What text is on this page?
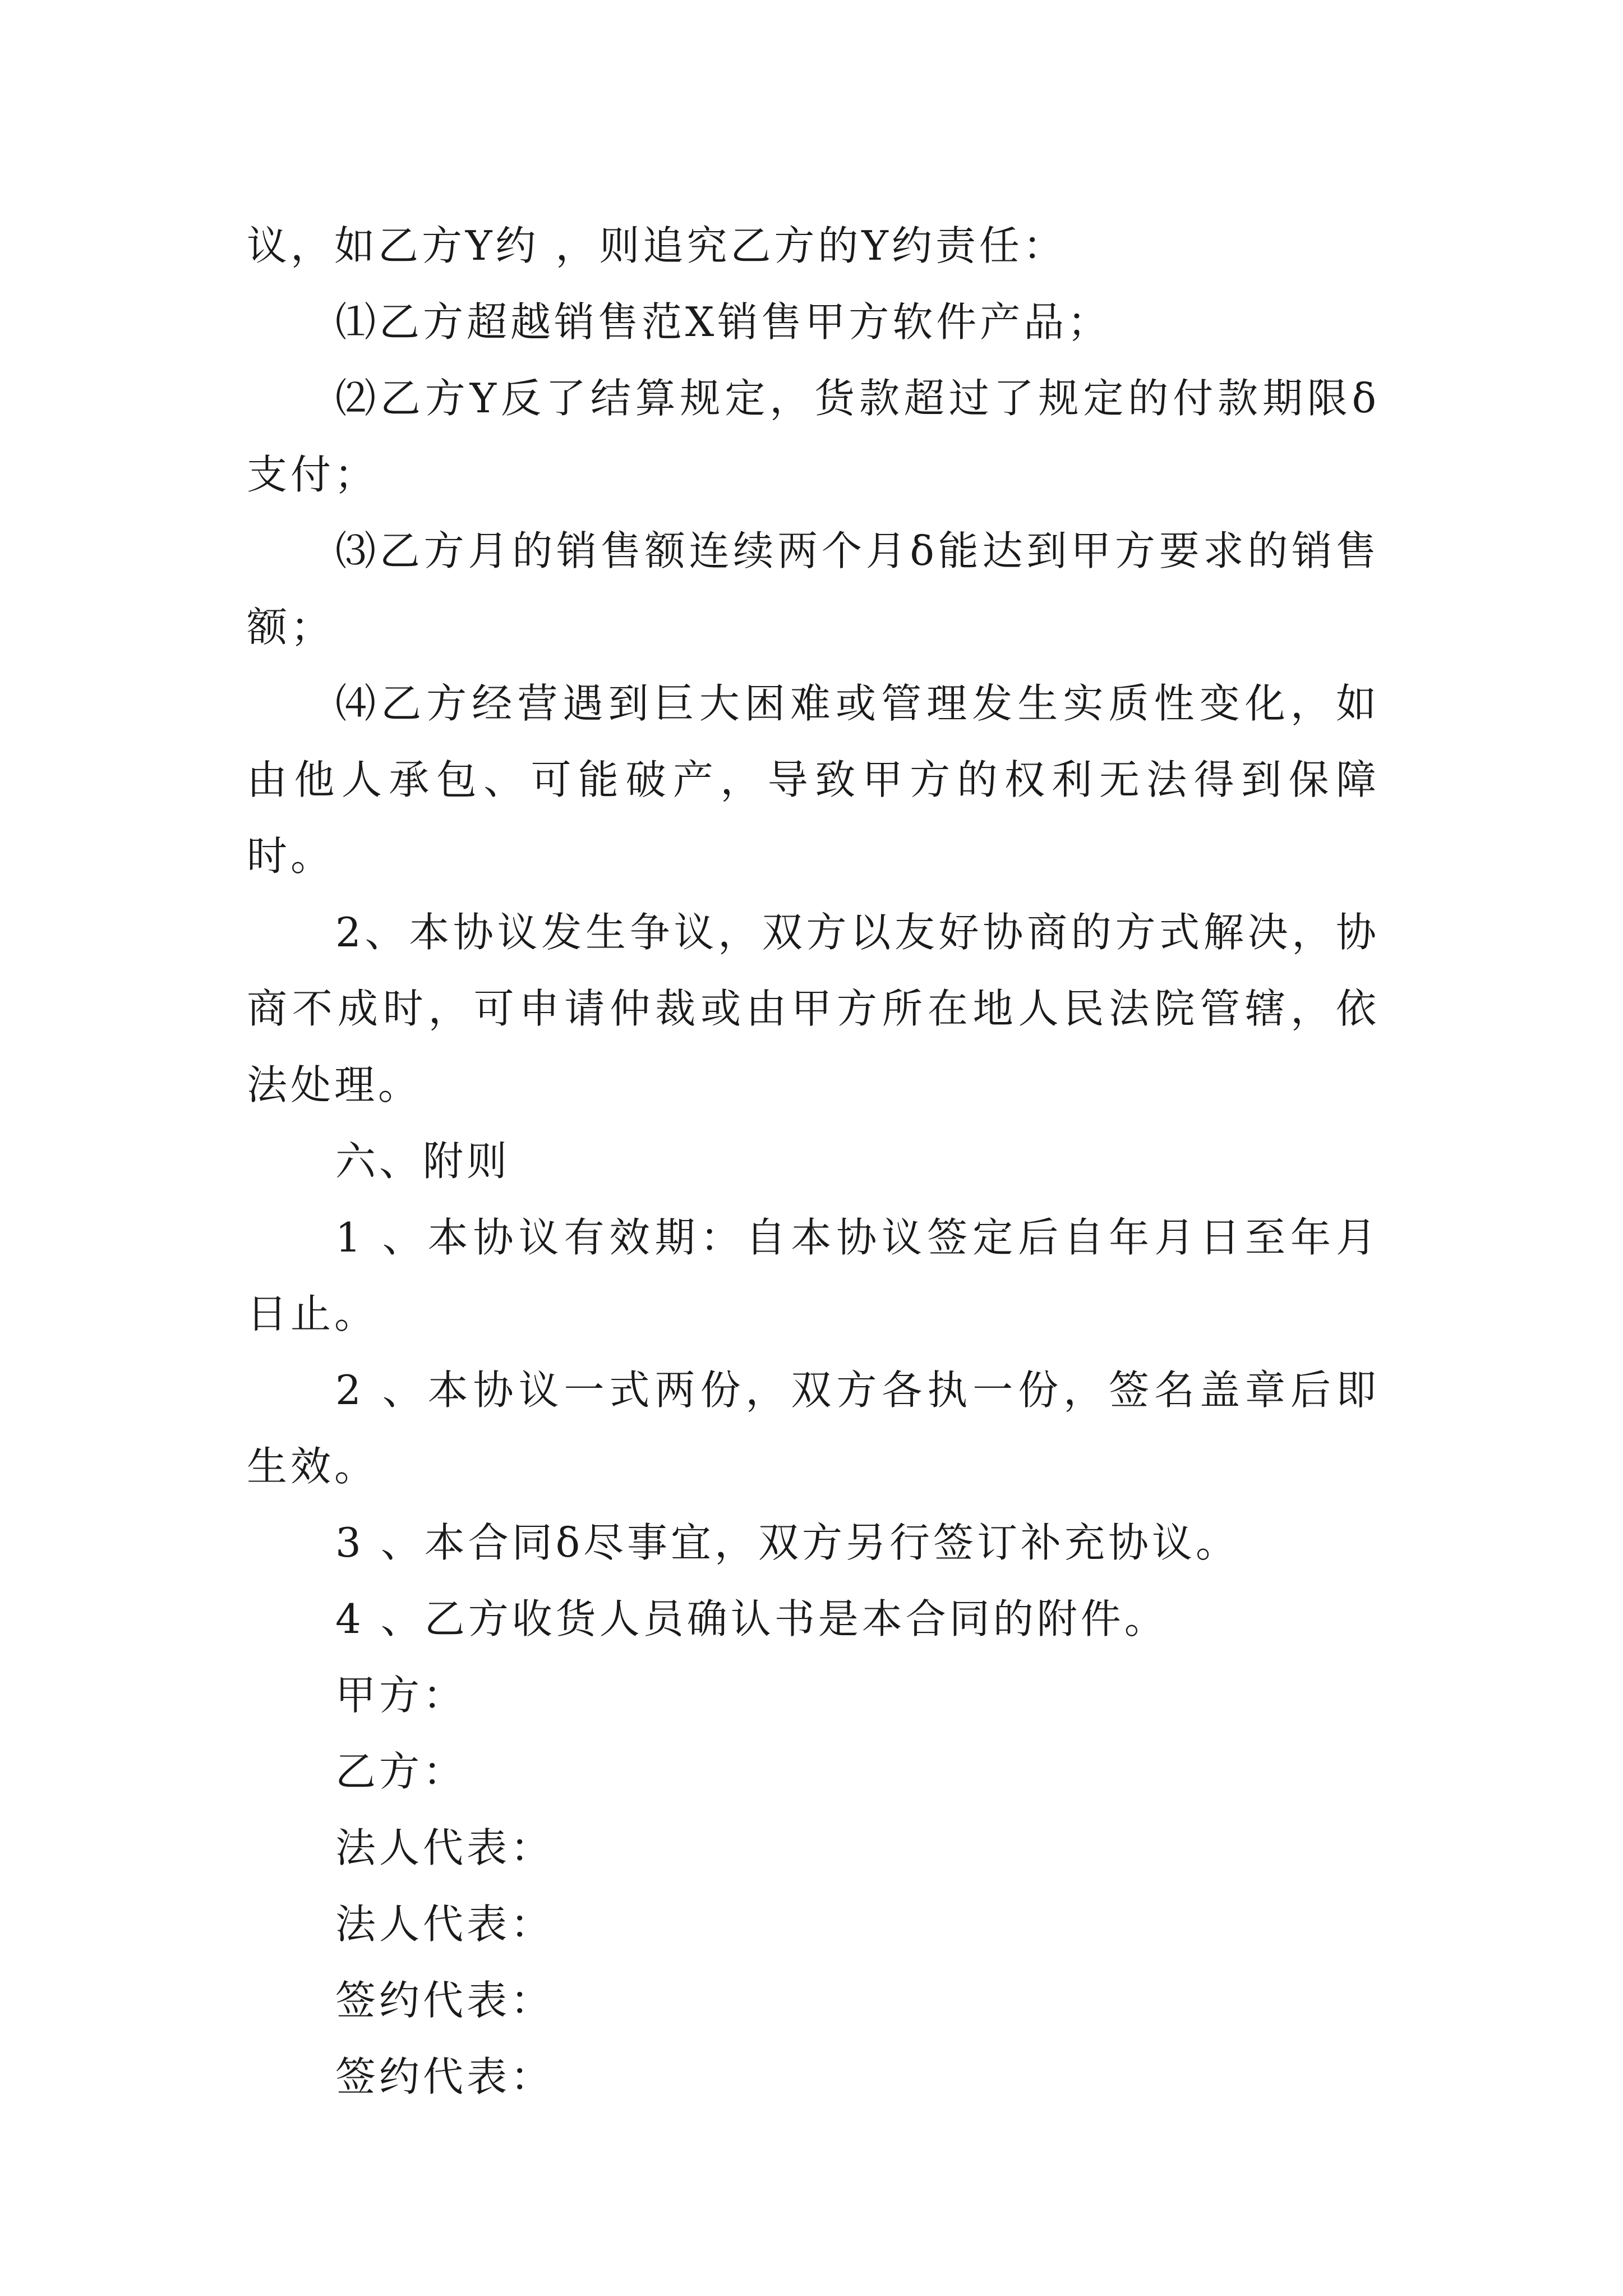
议，如乙方Y约 ，则追究乙方的Y约责任：

⑴乙方超越销售范X销售甲方软件产品；

⑵乙方Y反了结算规定，货款超过了规定的付款期限δ支付；

⑶乙方月的销售额连续两个月δ能达到甲方要求的销售额；

⑷乙方经营遇到巨大困难或管理发生实质性变化，如由他人承包、可能破产，导致甲方的权利无法得到保障时。

2、本协议发生争议，双方以友好协商的方式解决，协商不成时，可申请仲裁或由甲方所在地人民法院管辖，依法处理。

六、附则

1 、本协议有效期：自本协议签定后自年月日至年月日止。

2 、本协议一式两份，双方各执一份，签名盖章后即生效。

3 、本合同δ尽事宜，双方另行签订补充协议。

4 、乙方收货人员确认书是本合同的附件。

甲方：

乙方：

法人代表：

法人代表：

签约代表：

签约代表：
